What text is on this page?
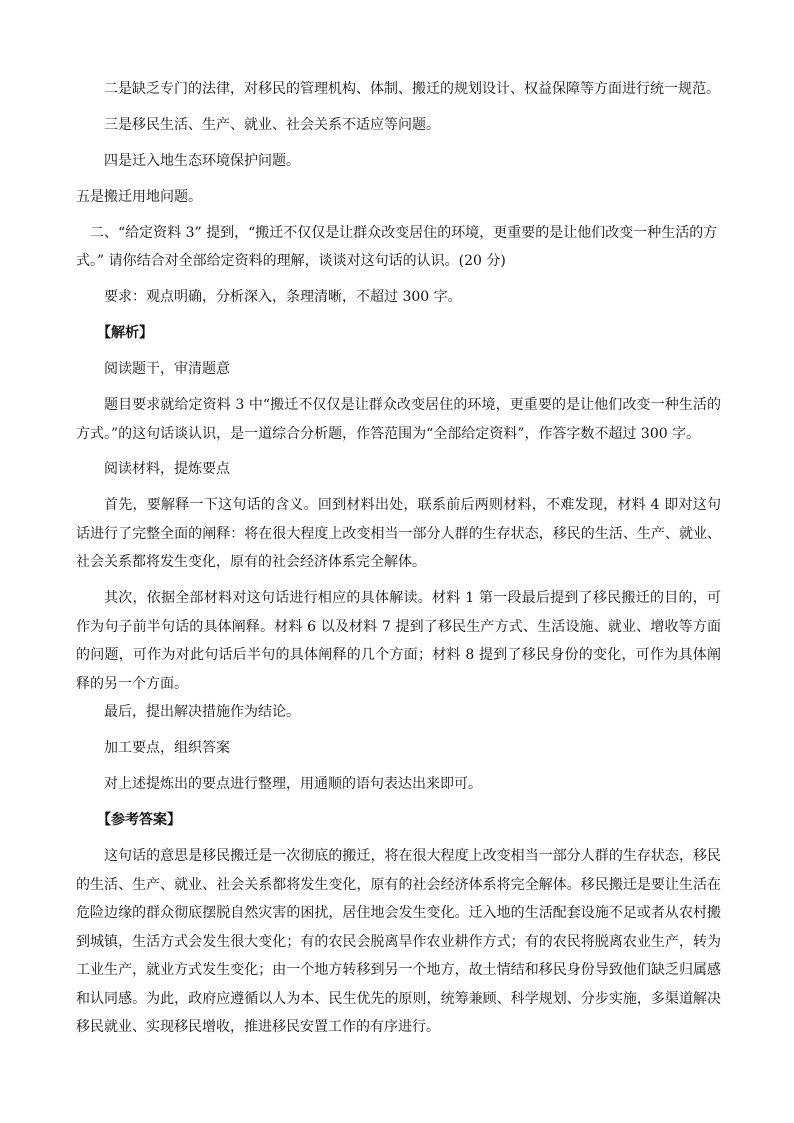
二是缺乏专门的法律，对移民的管理机构、体制、搬迁的规划设计、权益保障等方面进行统一规范。

三是移民生活、生产、就业、社会关系不适应等问题。

四是迁入地生态环境保护问题。

五是搬迁用地问题。

二、“给定资料 3” 提到，“搬迁不仅仅是让群众改变居住的环境，更重要的是让他们改变一种生活的方

式。” 请你结合对全部给定资料的理解，谈谈对这句话的认识。(20 分)

要求：观点明确，分析深入，条理清晰，不超过 300 字。

【解析】

阅读题干，审清题意

题目要求就给定资料 3 中“搬迁不仅仅是让群众改变居住的环境，更重要的是让他们改变一种生活的方式。”的这句话谈认识，是一道综合分析题，作答范围为“全部给定资料”，作答字数不超过 300 字。

阅读材料，提炼要点

首先，要解释一下这句话的含义。回到材料出处，联系前后两则材料，不难发现，材料 4 即对这句话进行了完整全面的阐释：将在很大程度上改变相当一部分人群的生存状态，移民的生活、生产、就业、社会关系都将发生变化，原有的社会经济体系完全解体。

其次，依据全部材料对这句话进行相应的具体解读。材料 1 第一段最后提到了移民搬迁的目的，可作为句子前半句话的具体阐释。材料 6 以及材料 7 提到了移民生产方式、生活设施、就业、增收等方面的问题，可作为对此句话后半句的具体阐释的几个方面；材料 8 提到了移民身份的变化，可作为具体阐释的另一个方面。

最后，提出解决措施作为结论。

加工要点，组织答案

对上述提炼出的要点进行整理，用通顺的语句表达出来即可。

【参考答案】

这句话的意思是移民搬迁是一次彻底的搬迁，将在很大程度上改变相当一部分人群的生存状态，移民的生活、生产、就业、社会关系都将发生变化，原有的社会经济体系将完全解体。移民搬迁是要让生活在危险边缘的群众彻底摆脱自然灾害的困扰，居住地会发生变化。迁入地的生活配套设施不足或者从农村搬到城镇，生活方式会发生很大变化；有的农民会脱离旱作农业耕作方式；有的农民将脱离农业生产，转为工业生产，就业方式发生变化；由一个地方转移到另一个地方，故土情结和移民身份导致他们缺乏归属感和认同感。为此，政府应遵循以人为本、民生优先的原则，统筹兼顾、科学规划、分步实施，多渠道解决移民就业、实现移民增收，推进移民安置工作的有序进行。
